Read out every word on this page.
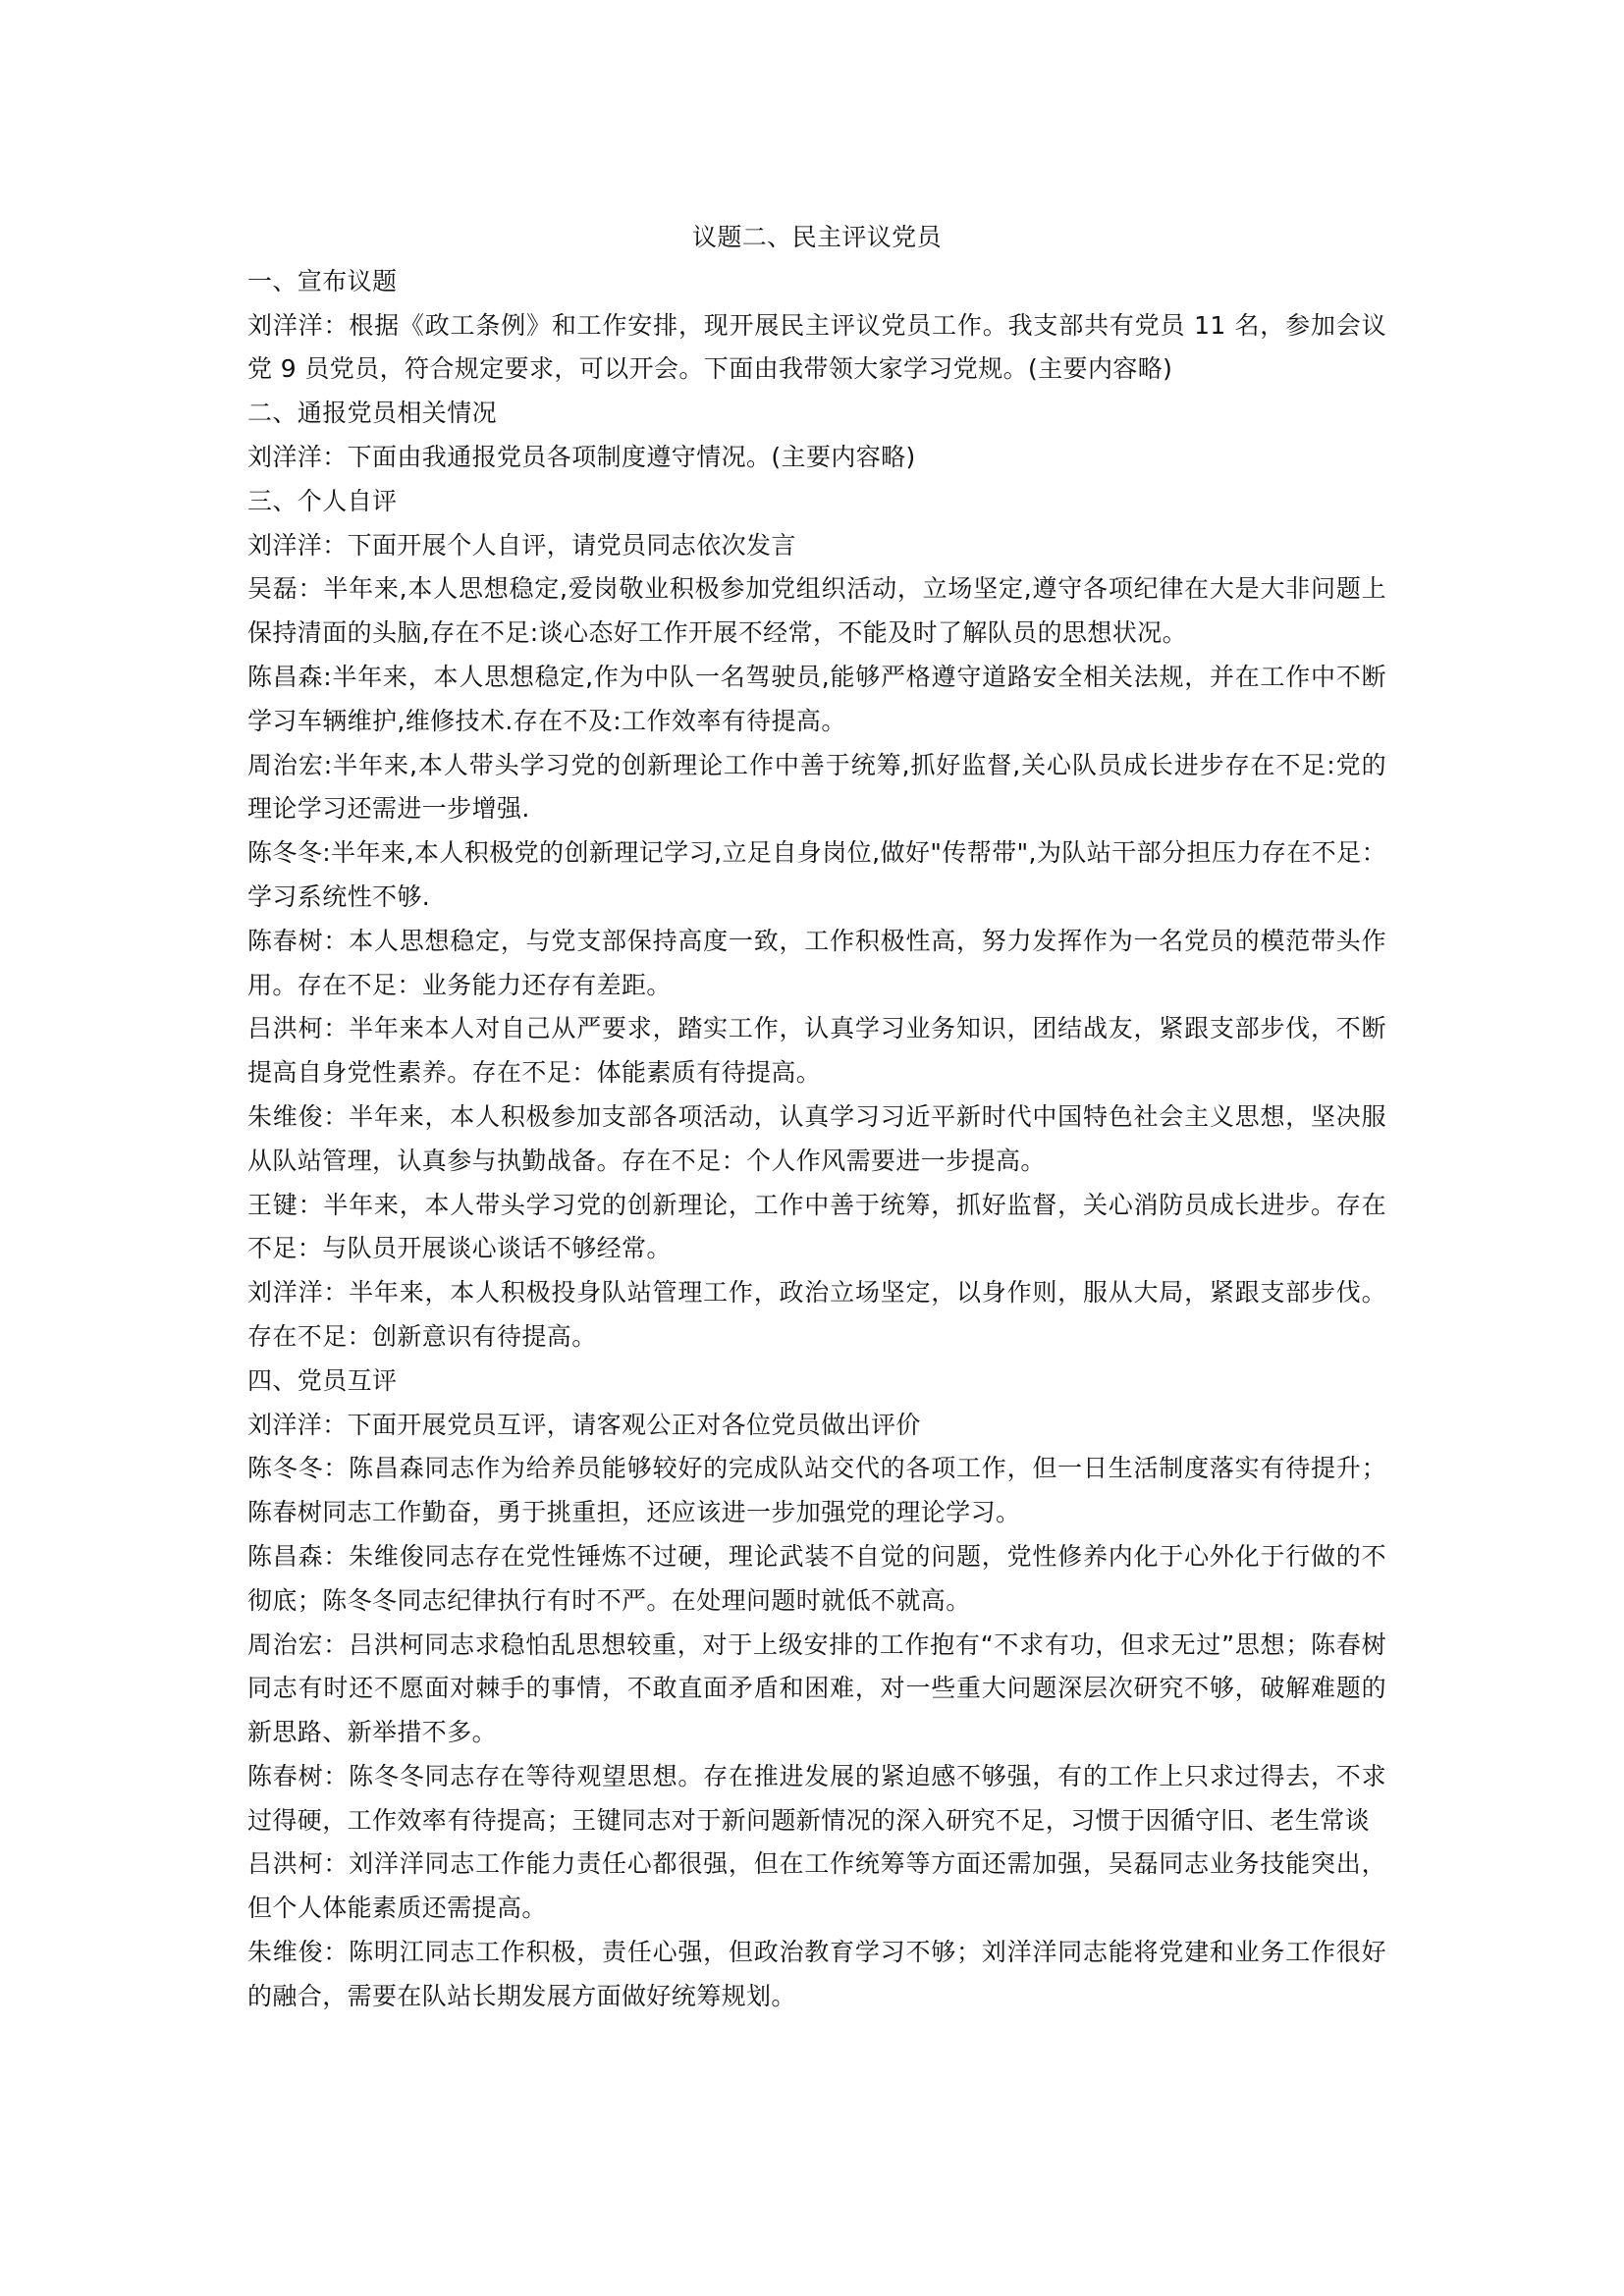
议题二、民主评议党员

一、宣布议题

刘洋洋：根据《政工条例》和工作安排，现开展民主评议党员工作。我支部共有党员 11 名，参加会议党 9 员党员，符合规定要求，可以开会。下面由我带领大家学习党规。(主要内容略)

二、通报党员相关情况

刘洋洋：下面由我通报党员各项制度遵守情况。(主要内容略)

三、个人自评

刘洋洋：下面开展个人自评，请党员同志依次发言

吴磊：半年来,本人思想稳定,爱岗敬业积极参加党组织活动，立场坚定,遵守各项纪律在大是大非问题上保持清面的头脑,存在不足:谈心态好工作开展不经常，不能及时了解队员的思想状况。

陈昌森:半年来，本人思想稳定,作为中队一名驾驶员,能够严格遵守道路安全相关法规，并在工作中不断学习车辆维护,维修技术.存在不及:工作效率有待提高。

周治宏:半年来,本人带头学习党的创新理论工作中善于统筹,抓好监督,关心队员成长进步存在不足:党的理论学习还需进一步增强.

陈冬冬:半年来,本人积极党的创新理记学习,立足自身岗位,做好"传帮带",为队站干部分担压力存在不足：学习系统性不够.

陈春树：本人思想稳定，与党支部保持高度一致，工作积极性高，努力发挥作为一名党员的模范带头作用。存在不足：业务能力还存有差距。

吕洪柯：半年来本人对自己从严要求，踏实工作，认真学习业务知识，团结战友，紧跟支部步伐，不断提高自身党性素养。存在不足：体能素质有待提高。

朱维俊：半年来，本人积极参加支部各项活动，认真学习习近平新时代中国特色社会主义思想，坚决服从队站管理，认真参与执勤战备。存在不足：个人作风需要进一步提高。

王键：半年来，本人带头学习党的创新理论，工作中善于统筹，抓好监督，关心消防员成长进步。存在不足：与队员开展谈心谈话不够经常。

刘洋洋：半年来，本人积极投身队站管理工作，政治立场坚定，以身作则，服从大局，紧跟支部步伐。存在不足：创新意识有待提高。

四、党员互评

刘洋洋：下面开展党员互评，请客观公正对各位党员做出评价

陈冬冬：陈昌森同志作为给养员能够较好的完成队站交代的各项工作，但一日生活制度落实有待提升；陈春树同志工作勤奋，勇于挑重担，还应该进一步加强党的理论学习。

陈昌森：朱维俊同志存在党性锤炼不过硬，理论武装不自觉的问题，党性修养内化于心外化于行做的不彻底；陈冬冬同志纪律执行有时不严。在处理问题时就低不就高。

周治宏：吕洪柯同志求稳怕乱思想较重，对于上级安排的工作抱有“不求有功，但求无过”思想；陈春树同志有时还不愿面对棘手的事情，不敢直面矛盾和困难，对一些重大问题深层次研究不够，破解难题的新思路、新举措不多。

陈春树：陈冬冬同志存在等待观望思想。存在推进发展的紧迫感不够强，有的工作上只求过得去，不求过得硬，工作效率有待提高；王键同志对于新问题新情况的深入研究不足，习惯于因循守旧、老生常谈

吕洪柯：刘洋洋同志工作能力责任心都很强，但在工作统筹等方面还需加强，吴磊同志业务技能突出，但个人体能素质还需提高。

朱维俊：陈明江同志工作积极，责任心强，但政治教育学习不够；刘洋洋同志能将党建和业务工作很好的融合，需要在队站长期发展方面做好统筹规划。
